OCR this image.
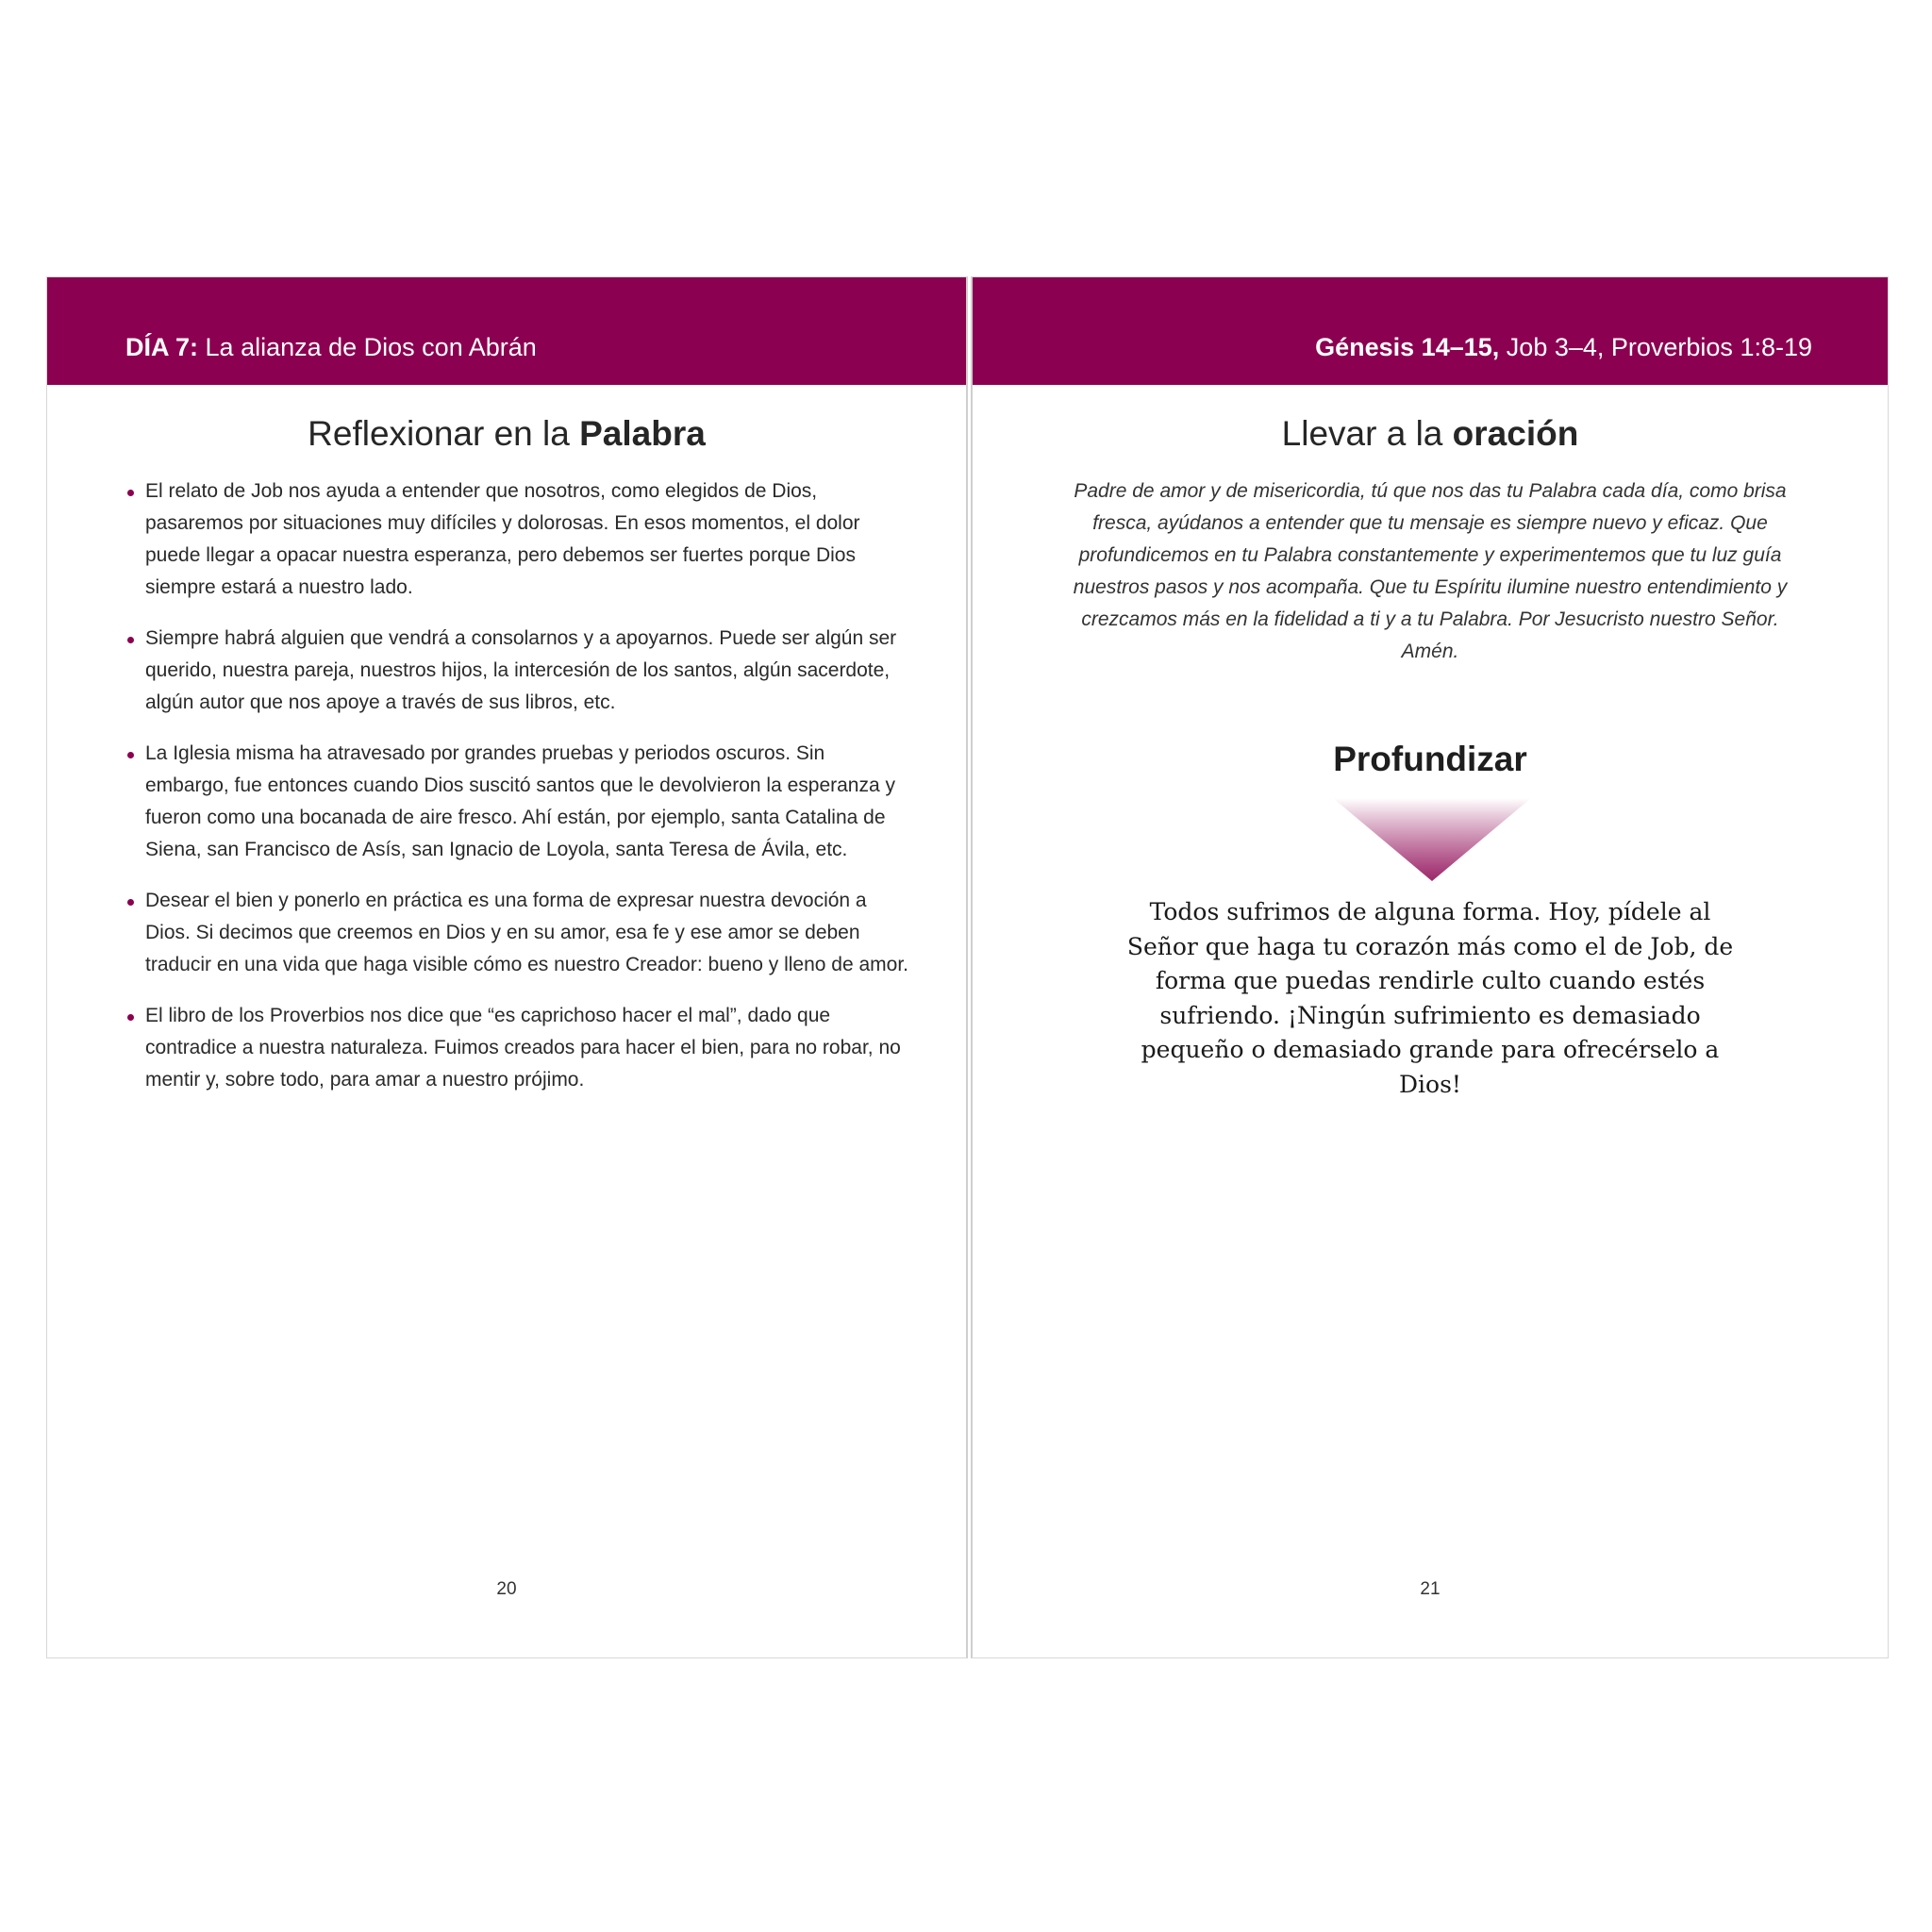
DÍA 7: La alianza de Dios con Abrán
Reflexionar en la Palabra
El relato de Job nos ayuda a entender que nosotros, como elegidos de Dios, pasaremos por situaciones muy difíciles y dolorosas. En esos momentos, el dolor puede llegar a opacar nuestra esperanza, pero debemos ser fuertes porque Dios siempre estará a nuestro lado.
Siempre habrá alguien que vendrá a consolarnos y a apoyarnos. Puede ser algún ser querido, nuestra pareja, nuestros hijos, la intercesión de los santos, algún sacerdote, algún autor que nos apoye a través de sus libros, etc.
La Iglesia misma ha atravesado por grandes pruebas y periodos oscuros. Sin embargo, fue entonces cuando Dios suscitó santos que le devolvieron la esperanza y fueron como una bocanada de aire fresco. Ahí están, por ejemplo, santa Catalina de Siena, san Francisco de Asís, san Ignacio de Loyola, santa Teresa de Ávila, etc.
Desear el bien y ponerlo en práctica es una forma de expresar nuestra devoción a Dios. Si decimos que creemos en Dios y en su amor, esa fe y ese amor se deben traducir en una vida que haga visible cómo es nuestro Creador: bueno y lleno de amor.
El libro de los Proverbios nos dice que “es caprichoso hacer el mal”, dado que contradice a nuestra naturaleza. Fuimos creados para hacer el bien, para no robar, no mentir y, sobre todo, para amar a nuestro prójimo.
20
Génesis 14–15, Job 3–4, Proverbios 1:8-19
Llevar a la oración
Padre de amor y de misericordia, tú que nos das tu Palabra cada día, como brisa fresca, ayúdanos a entender que tu mensaje es siempre nuevo y eficaz. Que profundicemos en tu Palabra constantemente y experimentemos que tu luz guía nuestros pasos y nos acompaña. Que tu Espíritu ilumine nuestro entendimiento y crezcamos más en la fidelidad a ti y a tu Palabra. Por Jesucristo nuestro Señor. Amén.
Profundizar
Todos sufrimos de alguna forma. Hoy, pídele al Señor que haga tu corazón más como el de Job, de forma que puedas rendirle culto cuando estés sufriendo. ¡Ningún sufrimiento es demasiado pequeño o demasiado grande para ofrecérselo a Dios!
21
